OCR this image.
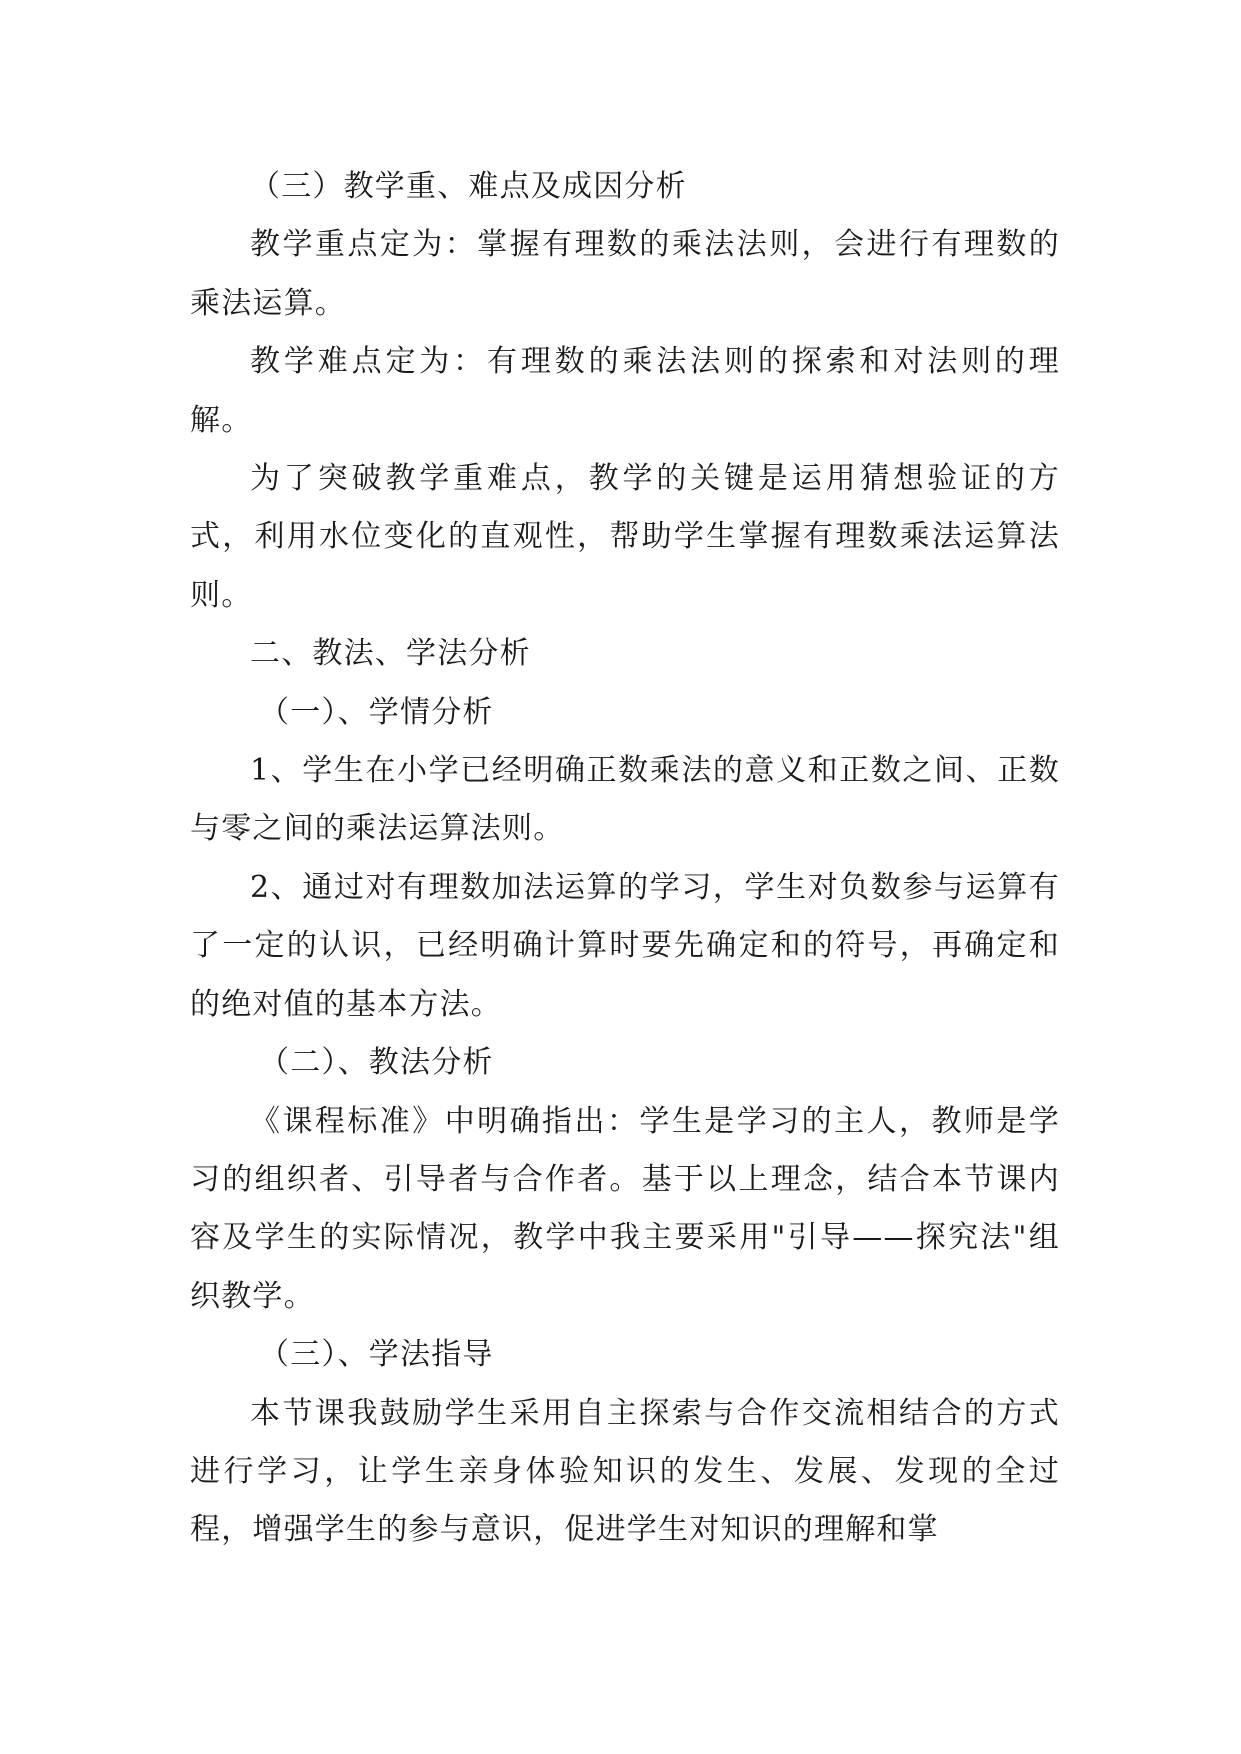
（三）教学重、难点及成因分析

教学重点定为：掌握有理数的乘法法则，会进行有理数的乘法运算。

教学难点定为：有理数的乘法法则的探索和对法则的理解。

为了突破教学重难点，教学的关键是运用猜想验证的方式，利用水位变化的直观性，帮助学生掌握有理数乘法运算法则。

二、教法、学法分析

（一）、学情分析

1、学生在小学已经明确正数乘法的意义和正数之间、正数与零之间的乘法运算法则。

2、通过对有理数加法运算的学习，学生对负数参与运算有了一定的认识，已经明确计算时要先确定和的符号，再确定和的绝对值的基本方法。

（二）、教法分析

《课程标准》中明确指出：学生是学习的主人，教师是学习的组织者、引导者与合作者。基于以上理念，结合本节课内容及学生的实际情况，教学中我主要采用"引导——探究法"组织教学。

（三）、学法指导

本节课我鼓励学生采用自主探索与合作交流相结合的方式进行学习，让学生亲身体验知识的发生、发展、发现的全过程，增强学生的参与意识，促进学生对知识的理解和掌
